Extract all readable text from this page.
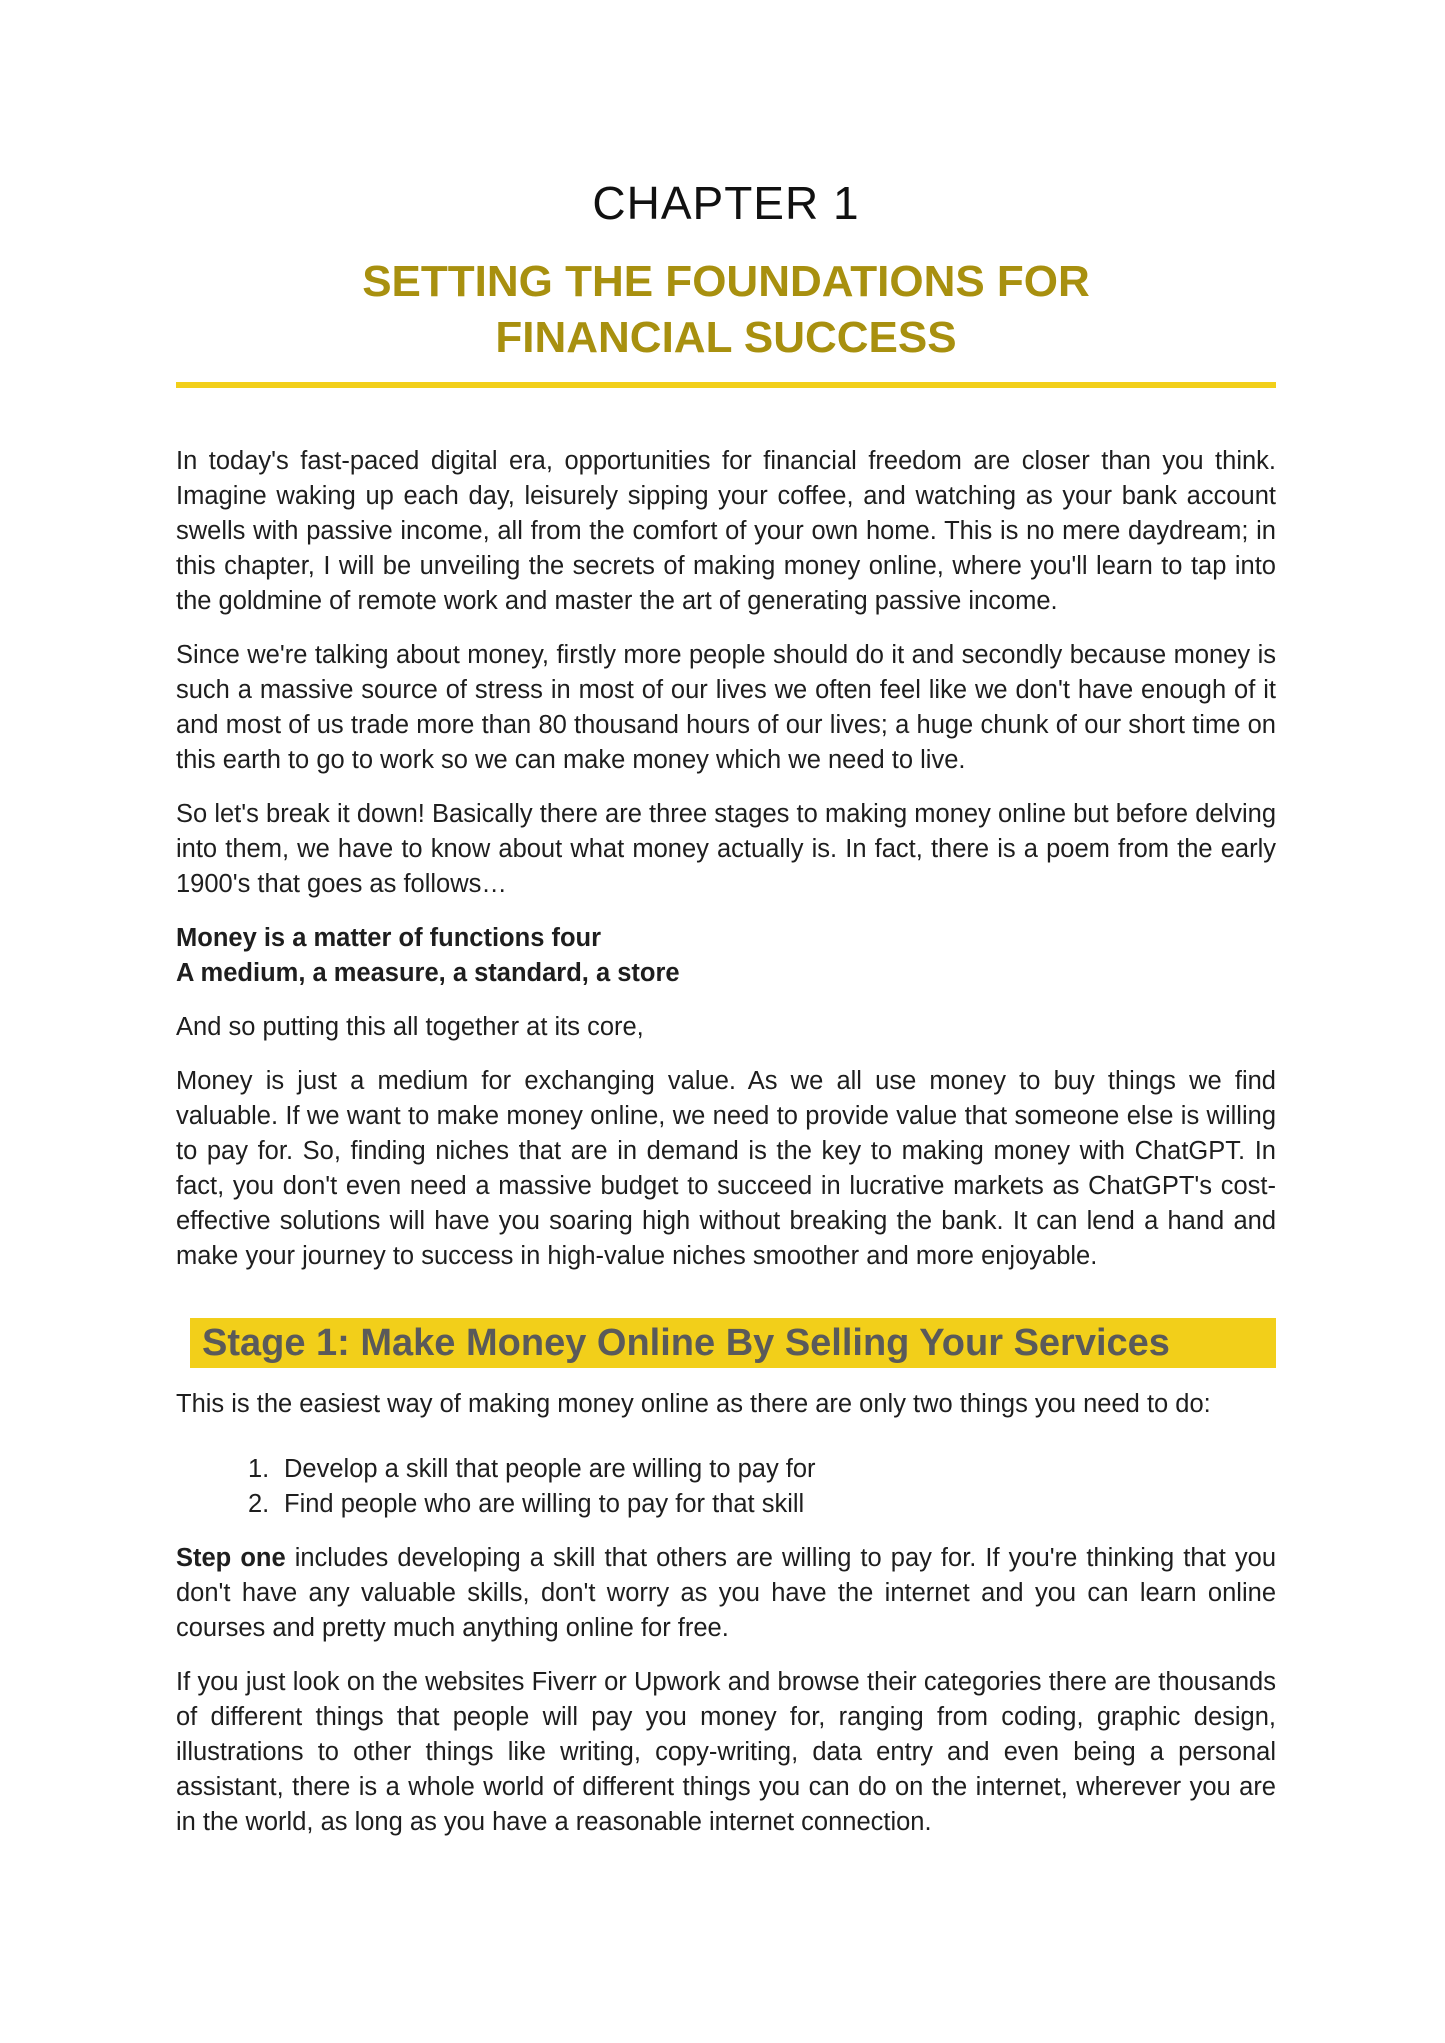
CHAPTER 1
SETTING THE FOUNDATIONS FOR
FINANCIAL SUCCESS

In today's fast-paced digital era, opportunities for financial freedom are closer than you think. Imagine waking up each day, leisurely sipping your coffee, and watching as your bank account swells with passive income, all from the comfort of your own home. This is no mere daydream; in this chapter, I will be unveiling the secrets of making money online, where you'll learn to tap into the goldmine of remote work and master the art of generating passive income.

Since we're talking about money, firstly more people should do it and secondly because money is such a massive source of stress in most of our lives we often feel like we don't have enough of it and most of us trade more than 80 thousand hours of our lives; a huge chunk of our short time on this earth to go to work so we can make money which we need to live.

So let's break it down! Basically there are three stages to making money online but before delving into them, we have to know about what money actually is. In fact, there is a poem from the early 1900's that goes as follows…

Money is a matter of functions four
A medium, a measure, a standard, a store

And so putting this all together at its core,

Money is just a medium for exchanging value. As we all use money to buy things we find valuable. If we want to make money online, we need to provide value that someone else is willing to pay for. So, finding niches that are in demand is the key to making money with ChatGPT. In fact, you don't even need a massive budget to succeed in lucrative markets as ChatGPT's cost-effective solutions will have you soaring high without breaking the bank. It can lend a hand and make your journey to success in high-value niches smoother and more enjoyable.

Stage 1: Make Money Online By Selling Your Services

This is the easiest way of making money online as there are only two things you need to do:

1. Develop a skill that people are willing to pay for
2. Find people who are willing to pay for that skill

Step one includes developing a skill that others are willing to pay for. If you're thinking that you don't have any valuable skills, don't worry as you have the internet and you can learn online courses and pretty much anything online for free.

If you just look on the websites Fiverr or Upwork and browse their categories there are thousands of different things that people will pay you money for, ranging from coding, graphic design, illustrations to other things like writing, copy-writing, data entry and even being a personal assistant, there is a whole world of different things you can do on the internet, wherever you are in the world, as long as you have a reasonable internet connection.
